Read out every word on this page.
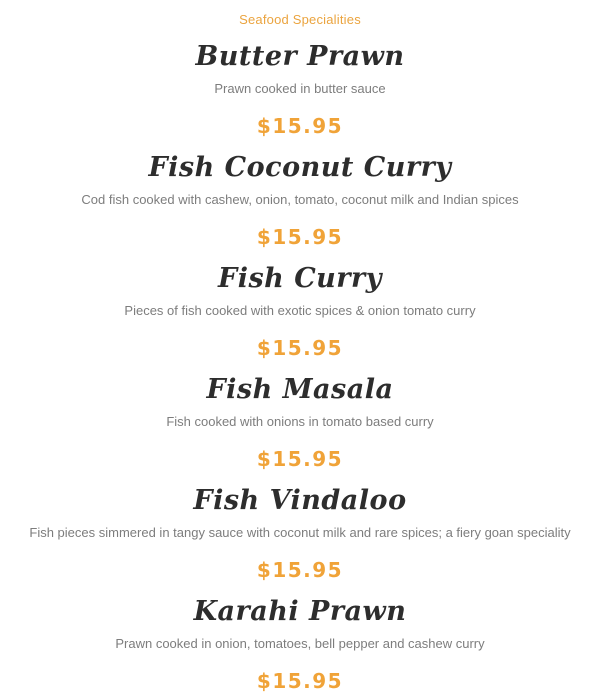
Seafood Specialities
Butter Prawn

Prawn cooked in butter sauce

$15.95

Fish Coconut Curry

Cod fish cooked with cashew, onion, tomato, coconut milk and Indian spices

$15.95

Fish Curry

Pieces of fish cooked with exotic spices & onion tomato curry

$15.95

Fish Masala

Fish cooked with onions in tomato based curry

$15.95

Fish Vindaloo

Fish pieces simmered in tangy sauce with coconut milk and rare spices; a fiery goan speciality

$15.95

Karahi Prawn

Prawn cooked in onion, tomatoes, bell pepper and cashew curry

$15.95
